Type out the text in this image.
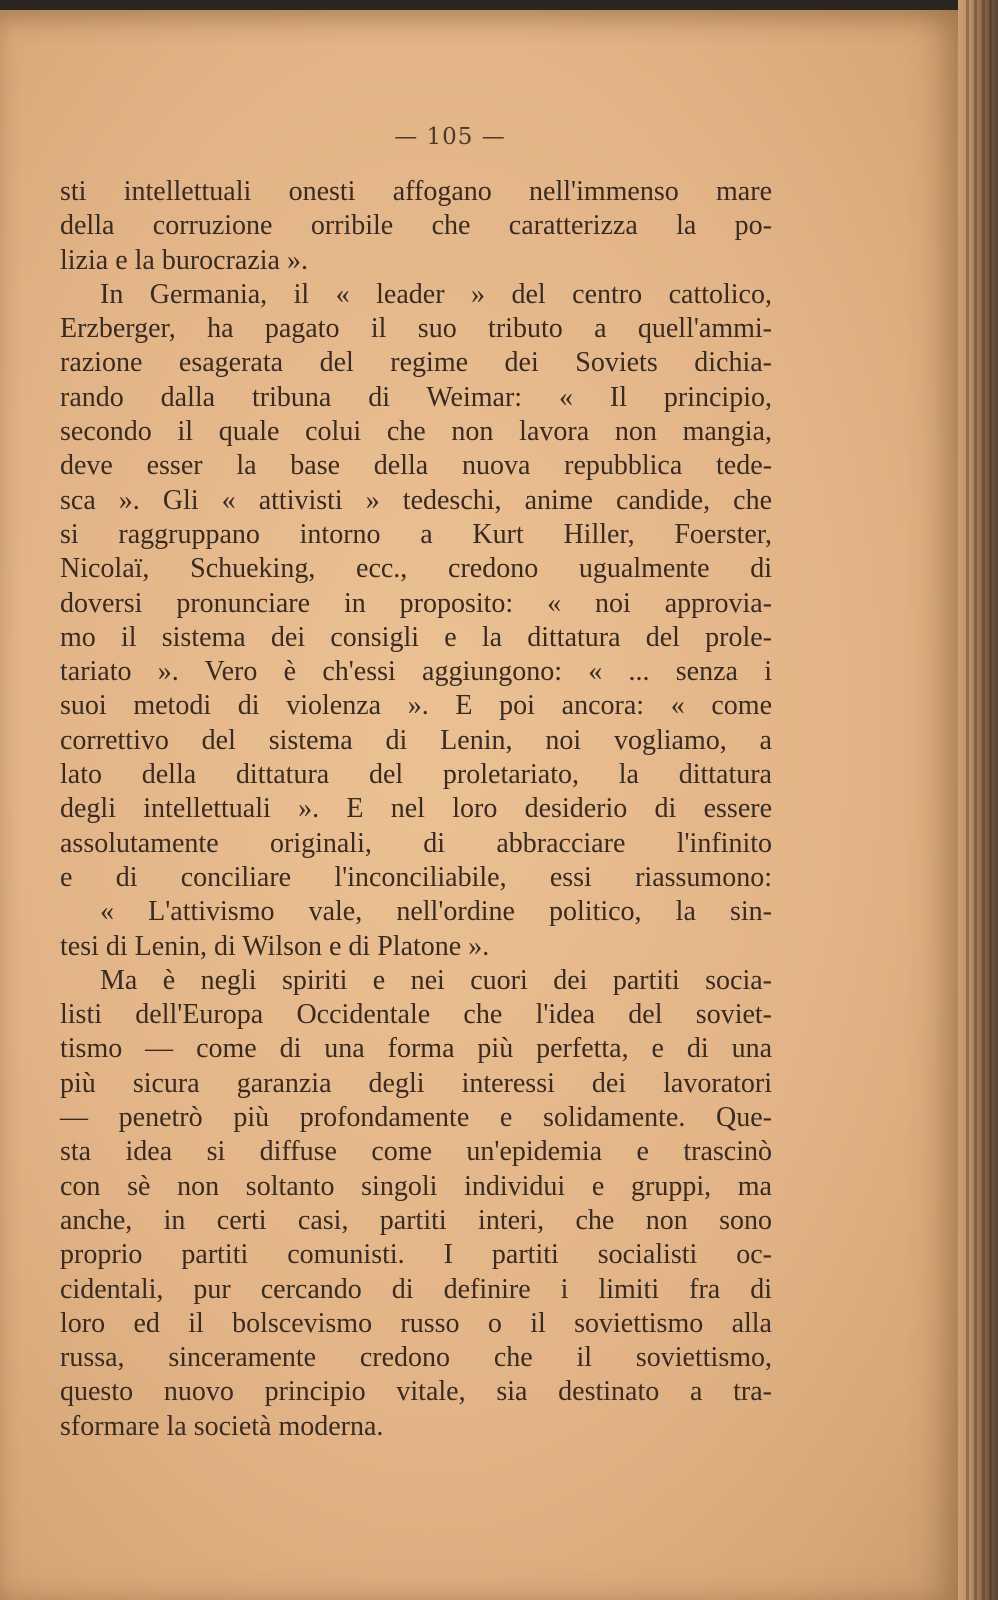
— 105 —
sti intellettuali onesti affogano nell'immenso mare
della corruzione orribile che caratterizza la po-
lizia e la burocrazia ».
In Germania, il « leader » del centro cattolico,
Erzberger, ha pagato il suo tributo a quell'ammi-
razione esagerata del regime dei Soviets dichia-
rando dalla tribuna di Weimar: « Il principio,
secondo il quale colui che non lavora non mangia,
deve esser la base della nuova repubblica tede-
sca ». Gli « attivisti » tedeschi, anime candide, che
si raggruppano intorno a Kurt Hiller, Foerster,
Nicolaï, Schueking, ecc., credono ugualmente di
doversi pronunciare in proposito: « noi approvia-
mo il sistema dei consigli e la dittatura del prole-
tariato ». Vero è ch'essi aggiungono: « ... senza i
suoi metodi di violenza ». E poi ancora: « come
correttivo del sistema di Lenin, noi vogliamo, a
lato della dittatura del proletariato, la dittatura
degli intellettuali ». E nel loro desiderio di essere
assolutamente originali, di abbracciare l'infinito
e di conciliare l'inconciliabile, essi riassumono:
« L'attivismo vale, nell'ordine politico, la sin-
tesi di Lenin, di Wilson e di Platone ».
Ma è negli spiriti e nei cuori dei partiti socia-
listi dell'Europa Occidentale che l'idea del soviet-
tismo — come di una forma più perfetta, e di una
più sicura garanzia degli interessi dei lavoratori
— penetrò più profondamente e solidamente. Que-
sta idea si diffuse come un'epidemia e trascinò
con sè non soltanto singoli individui e gruppi, ma
anche, in certi casi, partiti interi, che non sono
proprio partiti comunisti. I partiti socialisti oc-
cidentali, pur cercando di definire i limiti fra di
loro ed il bolscevismo russo o il soviettismo alla
russa, sinceramente credono che il soviettismo,
questo nuovo principio vitale, sia destinato a tra-
sformare la società moderna.
